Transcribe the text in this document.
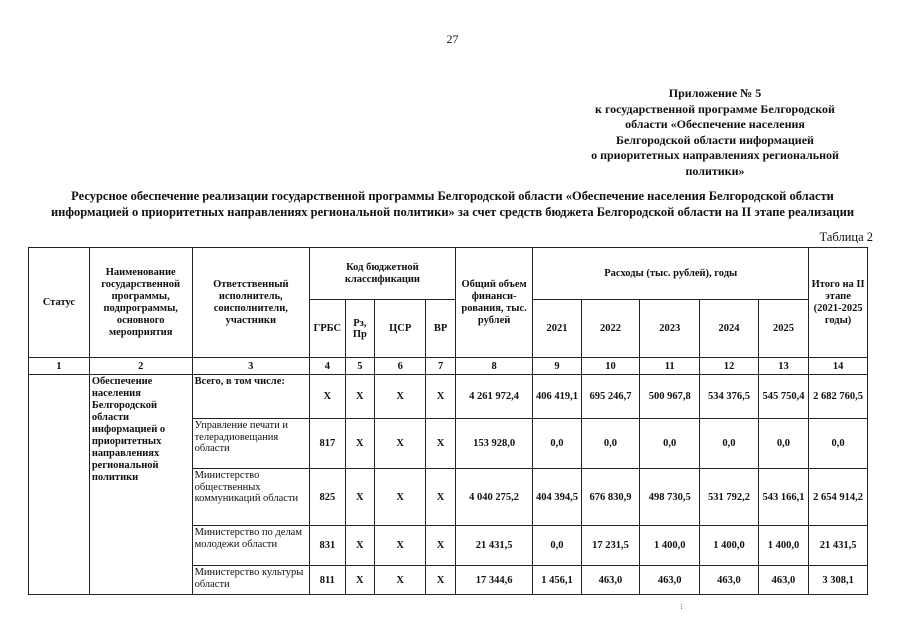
27
Приложение № 5
к государственной программе Белгородской
области «Обеспечение населения
Белгородской области информацией
о приоритетных направлениях региональной
политики»
Ресурсное обеспечение реализации государственной программы Белгородской области «Обеспечение населения Белгородской области
информацией о приоритетных направлениях региональной политики» за счет средств бюджета Белгородской области на II этапе реализации
Таблица 2
Статус	Наименование государственной программы, подпрограммы, основного мероприятия	Ответственный исполнитель, соисполнители, участники	Код бюджетной классификации				Общий объем финанси-рования, тыс. рублей	Расходы (тыс. рублей), годы					Итого на II этапе (2021-2025 годы)
			ГРБС	Рз, Пр	ЦСР	ВР		2021	2022	2023	2024	2025	
1	2	3	4	5	6	7	8	9	10	11	12	13	14
	Обеспечение населения Белгородской области информацией о приоритетных направлениях региональной политики	Всего, в том числе:	Х	Х	Х	Х	4 261 972,4	406 419,1	695 246,7	500 967,8	534 376,5	545 750,4	2 682 760,5
		Управление печати и телерадиовещания области	817	Х	Х	Х	153 928,0	0,0	0,0	0,0	0,0	0,0	0,0
		Министерство общественных коммуникаций области	825	Х	Х	Х	4 040 275,2	404 394,5	676 830,9	498 730,5	531 792,2	543 166,1	2 654 914,2
		Министерство по делам молодежи области	831	Х	Х	Х	21 431,5	0,0	17 231,5	1 400,0	1 400,0	1 400,0	21 431,5
		Министерство культуры области	811	Х	Х	Х	17 344,6	1 456,1	463,0	463,0	463,0	463,0	3 308,1
